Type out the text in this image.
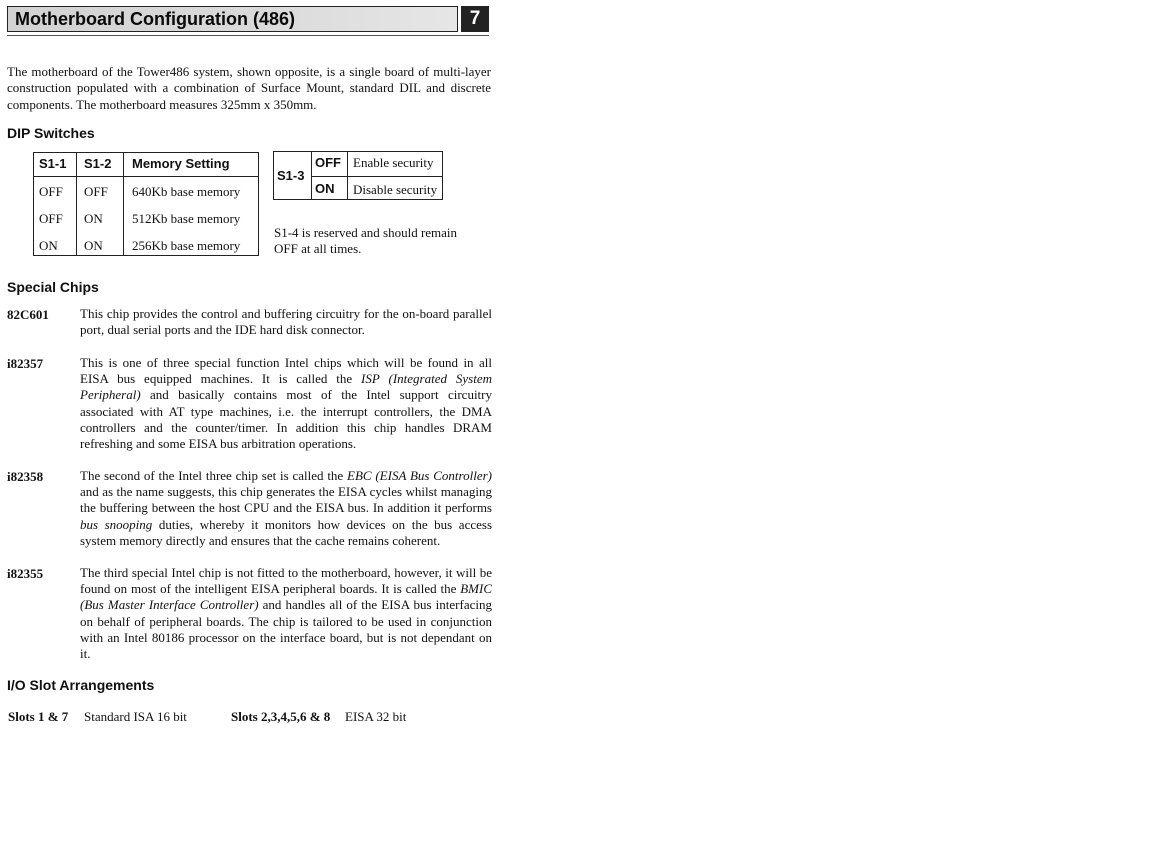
Motherboard Configuration (486)	7
The motherboard of the Tower486 system, shown opposite, is a single board of multi-layer construction populated with a combination of Surface Mount, standard DIL and discrete components. The motherboard measures 325mm x 350mm.
DIP Switches
S1-1 S1-2 Memory Setting
OFF OFF 640Kb base memory
OFF ON 512Kb base memory
ON ON 256Kb base memory
S1-3
OFF Enable security
ON Disable security
S1-4 is reserved and should remain OFF at all times.
Special Chips
82C601 This chip provides the control and buffering circuitry for the on-board parallel port, dual serial ports and the IDE hard disk connector.
i82357	This is one of three special function Intel chips which will be found in all EISA bus equipped machines. It is called the ISP (Integrated System Peripheral) and basically contains most of the Intel support circuitry associated with AT type machines, i.e. the interrupt controllers, the DMA controllers and the counter/timer. In addition this chip handles DRAM refreshing and some EISA bus arbitration operations.
i82358	The second of the Intel three chip set is called the EBC (EISA Bus Controller) and as the name suggests, this chip generates the EISA cycles whilst managing the buffering between the host CPU and the EISA bus. In addition it performs bus snooping duties, whereby it monitors how devices on the bus access system memory directly and ensures that the cache remains coherent.
i82355	The third special Intel chip is not fitted to the motherboard, however, it will be found on most of the intelligent EISA peripheral boards. It is called the BMIC (Bus Master Interface Controller) and handles all of the EISA bus interfacing on behalf of peripheral boards. The chip is tailored to be used in conjunction with an Intel 80186 processor on the interface board, but is not dependant on it.
I/O Slot Arrangements
Slots 1 & 7 Standard ISA 16 bit	Slots 2,3,4,5,6 & 8 EISA 32 bit
